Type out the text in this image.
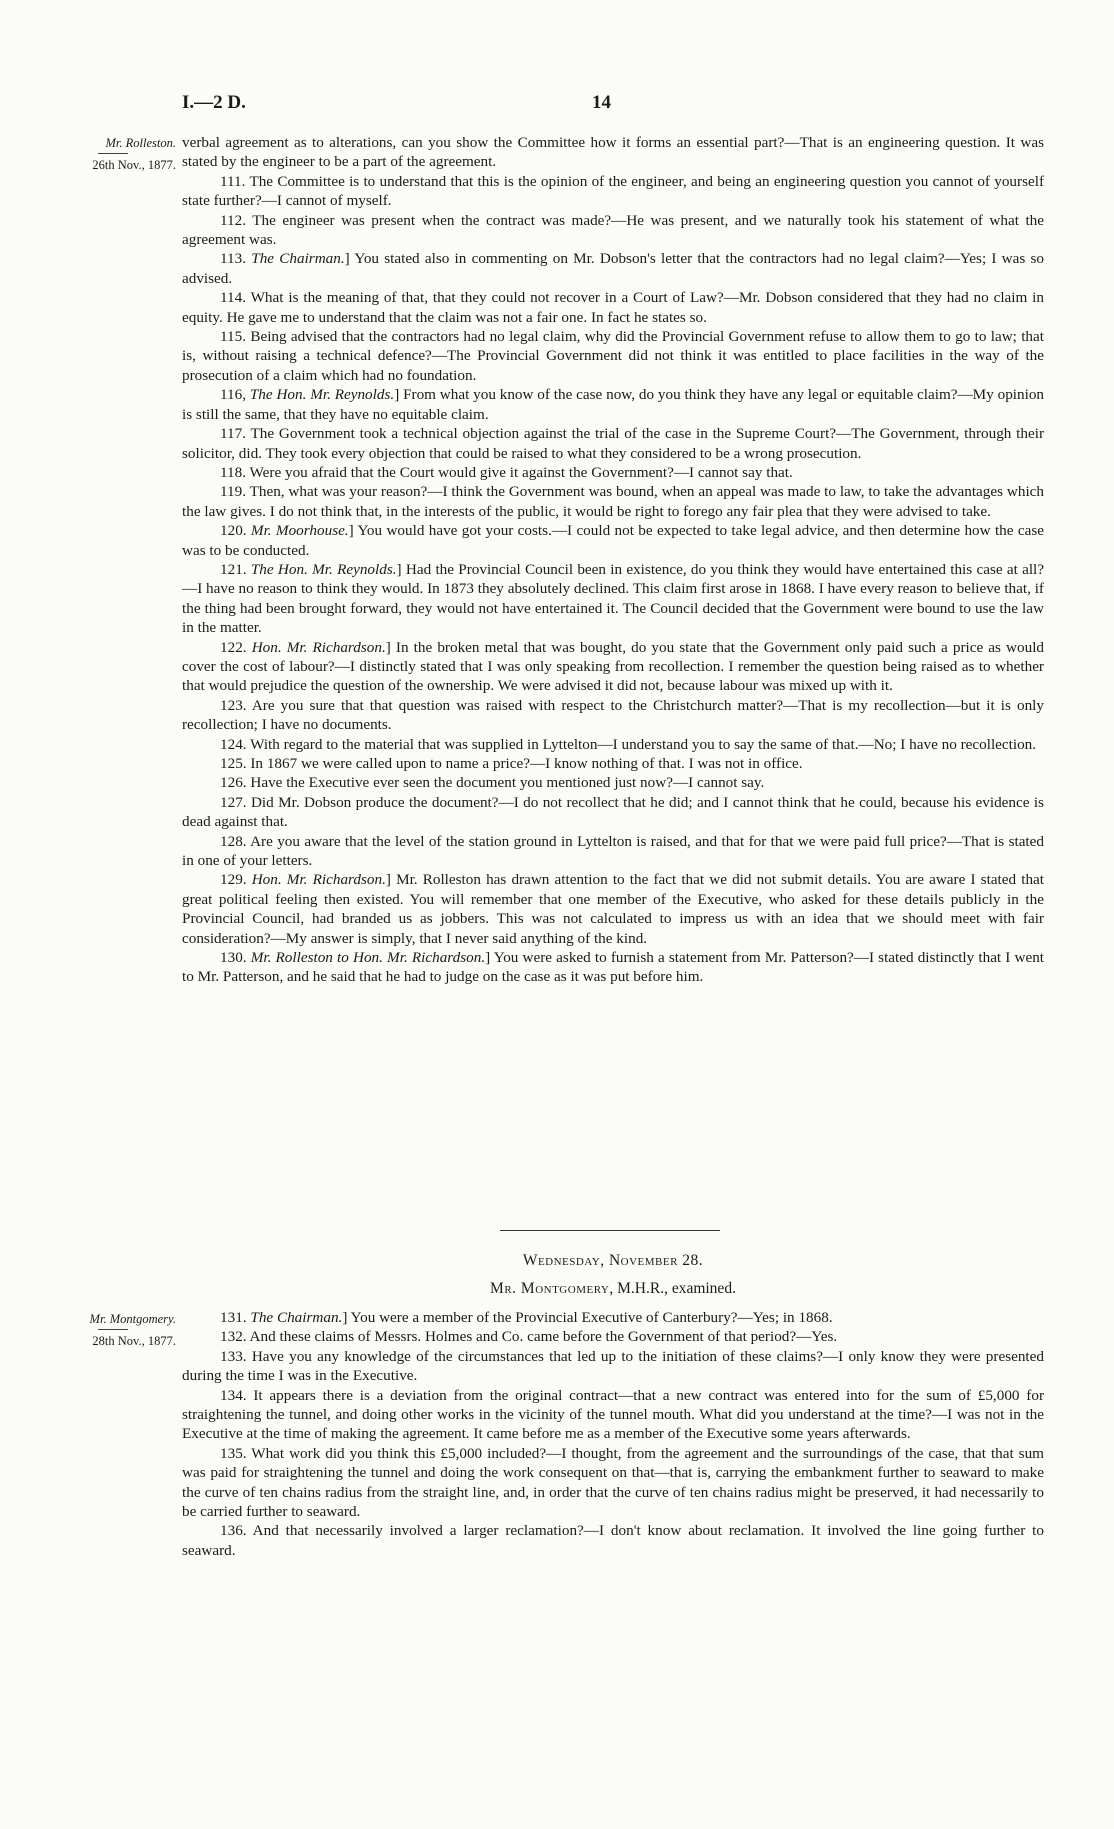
I.—2 D.	14
Mr. Rolleston.
26th Nov., 1877.

verbal agreement as to alterations, can you show the Committee how it forms an essential part?—That is an engineering question. It was stated by the engineer to be a part of the agreement.

111. The Committee is to understand that this is the opinion of the engineer, and being an engineering question you cannot of yourself state further?—I cannot of myself.

112. The engineer was present when the contract was made?—He was present, and we naturally took his statement of what the agreement was.

113. The Chairman.] You stated also in commenting on Mr. Dobson's letter that the contractors had no legal claim?—Yes; I was so advised.

114. What is the meaning of that, that they could not recover in a Court of Law?—Mr. Dobson considered that they had no claim in equity. He gave me to understand that the claim was not a fair one. In fact he states so.

115. Being advised that the contractors had no legal claim, why did the Provincial Government refuse to allow them to go to law; that is, without raising a technical defence?—The Provincial Government did not think it was entitled to place facilities in the way of the prosecution of a claim which had no foundation.

116, The Hon. Mr. Reynolds.] From what you know of the case now, do you think they have any legal or equitable claim?—My opinion is still the same, that they have no equitable claim.

117. The Government took a technical objection against the trial of the case in the Supreme Court?—The Government, through their solicitor, did. They took every objection that could be raised to what they considered to be a wrong prosecution.

118. Were you afraid that the Court would give it against the Government?—I cannot say that.

119. Then, what was your reason?—I think the Government was bound, when an appeal was made to law, to take the advantages which the law gives. I do not think that, in the interests of the public, it would be right to forego any fair plea that they were advised to take.

120. Mr. Moorhouse.] You would have got your costs.—I could not be expected to take legal advice, and then determine how the case was to be conducted.

121. The Hon. Mr. Reynolds.] Had the Provincial Council been in existence, do you think they would have entertained this case at all?—I have no reason to think they would. In 1873 they absolutely declined. This claim first arose in 1868. I have every reason to believe that, if the thing had been brought forward, they would not have entertained it. The Council decided that the Government were bound to use the law in the matter.

122. Hon. Mr. Richardson.] In the broken metal that was bought, do you state that the Government only paid such a price as would cover the cost of labour?—I distinctly stated that I was only speaking from recollection. I remember the question being raised as to whether that would prejudice the question of the ownership. We were advised it did not, because labour was mixed up with it.

123. Are you sure that that question was raised with respect to the Christchurch matter?—That is my recollection—but it is only recollection; I have no documents.

124. With regard to the material that was supplied in Lyttelton—I understand you to say the same of that.—No; I have no recollection.

125. In 1867 we were called upon to name a price?—I know nothing of that. I was not in office.

126. Have the Executive ever seen the document you mentioned just now?—I cannot say.

127. Did Mr. Dobson produce the document?—I do not recollect that he did; and I cannot think that he could, because his evidence is dead against that.

128. Are you aware that the level of the station ground in Lyttelton is raised, and that for that we were paid full price?—That is stated in one of your letters.

129. Hon. Mr. Richardson.] Mr. Rolleston has drawn attention to the fact that we did not submit details. You are aware I stated that great political feeling then existed. You will remember that one member of the Executive, who asked for these details publicly in the Provincial Council, had branded us as jobbers. This was not calculated to impress us with an idea that we should meet with fair consideration?—My answer is simply, that I never said anything of the kind.

130. Mr. Rolleston to Hon. Mr. Richardson.] You were asked to furnish a statement from Mr. Patterson?—I stated distinctly that I went to Mr. Patterson, and he said that he had to judge on the case as it was put before him.

Wednesday, November 28.
Mr. Montgomery, M.H.R., examined.
Mr. Montgomery.
28th Nov., 1877.

131. The Chairman.] You were a member of the Provincial Executive of Canterbury?—Yes; in 1868.

132. And these claims of Messrs. Holmes and Co. came before the Government of that period?—Yes.

133. Have you any knowledge of the circumstances that led up to the initiation of these claims?—I only know they were presented during the time I was in the Executive.

134. It appears there is a deviation from the original contract—that a new contract was entered into for the sum of £5,000 for straightening the tunnel, and doing other works in the vicinity of the tunnel mouth. What did you understand at the time?—I was not in the Executive at the time of making the agreement. It came before me as a member of the Executive some years afterwards.

135. What work did you think this £5,000 included?—I thought, from the agreement and the surroundings of the case, that that sum was paid for straightening the tunnel and doing the work consequent on that—that is, carrying the embankment further to seaward to make the curve of ten chains radius from the straight line, and, in order that the curve of ten chains radius might be preserved, it had necessarily to be carried further to seaward.

136. And that necessarily involved a larger reclamation?—I don't know about reclamation. It involved the line going further to seaward.
